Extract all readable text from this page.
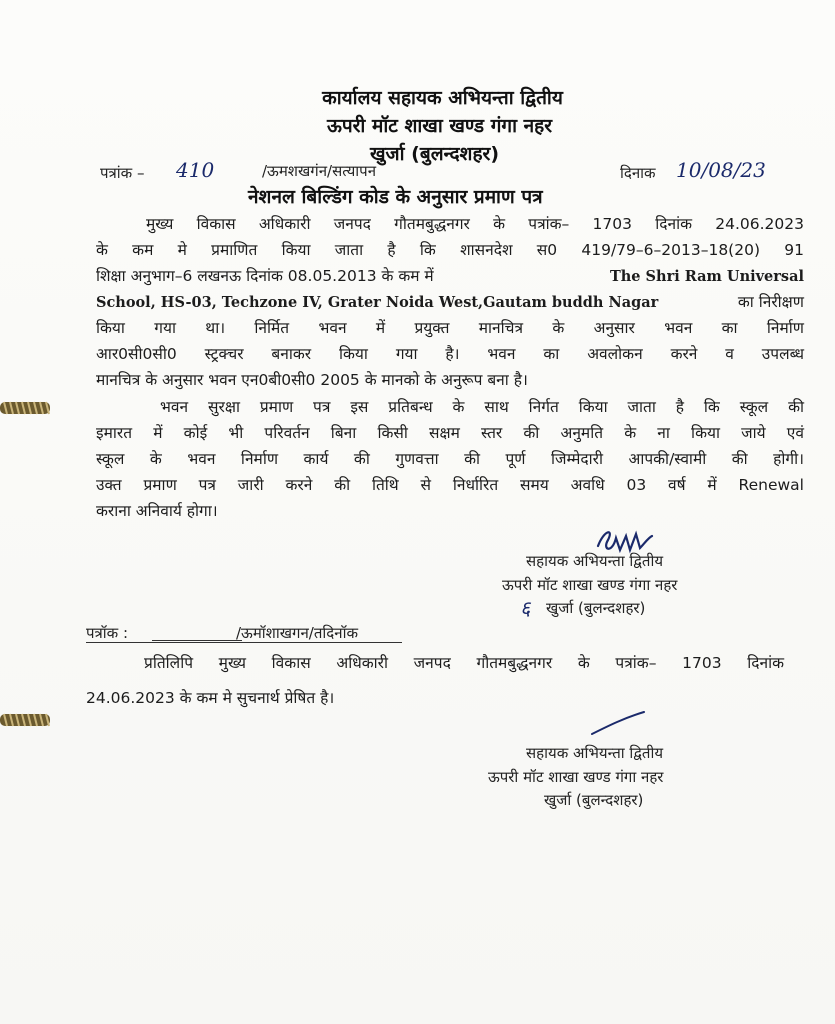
कार्यालय सहायक अभियन्ता द्वितीय
ऊपरी मॉट शाखा खण्ड गंगा नहर
खुर्जा (बुलन्दशहर)
पत्रांक – 410	/ऊमशखगंन/सत्यापन	दिनाक 10/08/23
नेशनल बिल्डिंग कोड के अनुसार प्रमाण पत्र
मुख्य विकास अधिकारी जनपद गौतमबुद्धनगर के पत्रांक– 1703 दिनांक 24.06.2023
के कम मे प्रमाणित किया जाता है कि शासनदेश स0 419/79–6–2013–18(20) 91
शिक्षा अनुभाग–6 लखनऊ दिनांक 08.05.2013 के कम में	The Shri Ram Universal
School, HS-03, Techzone IV, Grater Noida West,Gautam buddh Nagar	का निरीक्षण
किया गया था। निर्मित भवन में प्रयुक्त मानचित्र के अनुसार भवन का निर्माण
आर0सी0सी0 स्ट्रक्चर बनाकर किया गया है। भवन का अवलोकन करने व उपलब्ध
मानचित्र के अनुसार भवन एन0बी0सी0 2005 के मानको के अनुरूप बना है।
भवन सुरक्षा प्रमाण पत्र इस प्रतिबन्ध के साथ निर्गत किया जाता है कि स्कूल की
इमारत में कोई भी परिवर्तन बिना किसी सक्षम स्तर की अनुमति के ना किया जाये एवं
स्कूल के भवन निर्माण कार्य की गुणवत्ता की पूर्ण जिम्मेदारी आपकी/स्वामी की होगी।
उक्त प्रमाण पत्र जारी करने की तिथि से निर्धारित समय अवधि 03 वर्ष में Renewal
कराना अनिवार्य होगा।
सहायक अभियन्ता द्वितीय
ऊपरी मॉट शाखा खण्ड गंगा नहर
६ खुर्जा (बुलन्दशहर)
पत्रॉक :	/ऊमॉशाखगन/तदिनॉक
प्रतिलिपि मुख्य विकास अधिकारी जनपद गौतमबुद्धनगर के पत्रांक– 1703 दिनांक
24.06.2023 के कम मे सुचनार्थ प्रेषित है।
सहायक अभियन्ता द्वितीय
ऊपरी मॉट शाखा खण्ड गंगा नहर
खुर्जा (बुलन्दशहर)
